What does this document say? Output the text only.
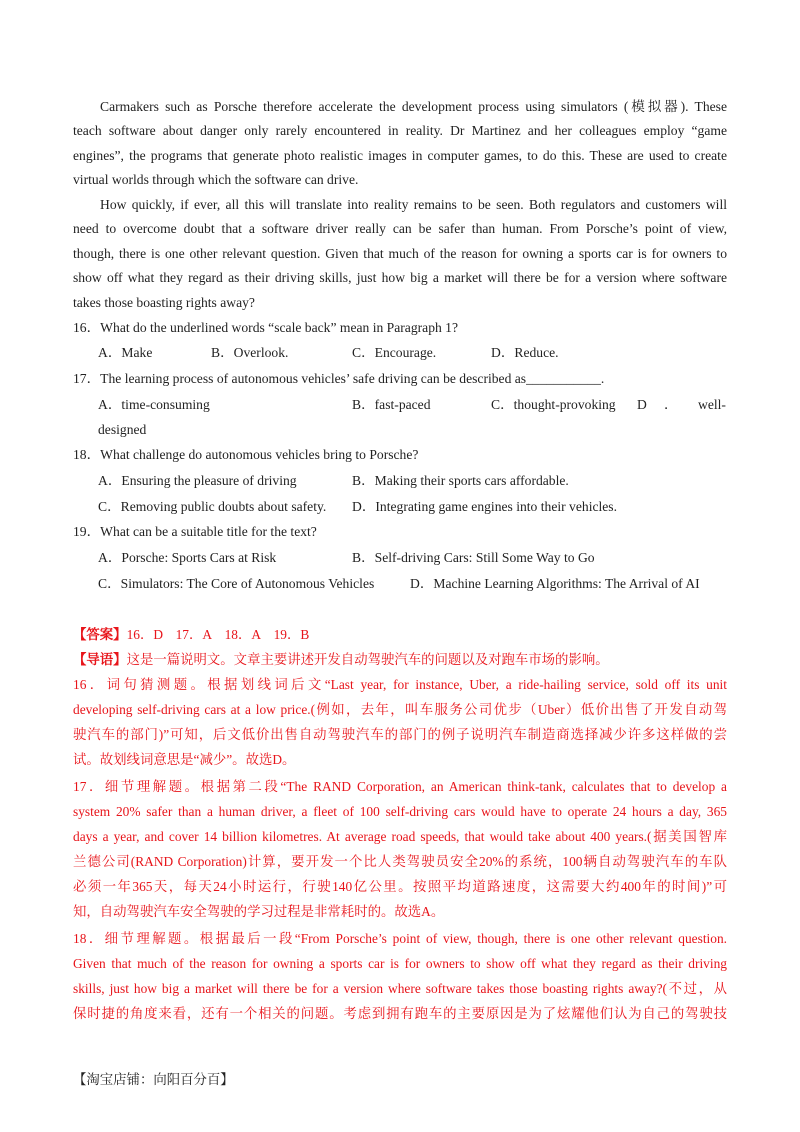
Carmakers such as Porsche therefore accelerate the development process using simulators (模拟器). These
teach software about danger only rarely encountered in reality. Dr Martinez and her colleagues employ “game
engines”, the programs that generate photo realistic images in computer games, to do this. These are used to create
virtual worlds through which the software can drive.
How quickly, if ever, all this will translate into reality remains to be seen. Both regulators and customers will
need to overcome doubt that a software driver really can be safer than human. From Porsche’s point of view,
though, there is one other relevant question. Given that much of the reason for owning a sports car is for owners to
show off what they regard as their driving skills, just how big a market will there be for a version where software
takes those boasting rights away?
16．What do the underlined words “scale back” mean in Paragraph 1?
A．Make	B．Overlook.	C．Encourage.	D．Reduce.
17．The learning process of autonomous vehicles’ safe driving can be described as___________.
A．time-consuming	B．fast-paced	C．thought-provoking D ． well-
designed
18．What challenge do autonomous vehicles bring to Porsche?
A．Ensuring the pleasure of driving	B．Making their sports cars affordable.
C．Removing public doubts about safety. D．Integrating game engines into their vehicles.
19．What can be a suitable title for the text?
A．Porsche: Sports Cars at Risk	B．Self-driving Cars: Still Some Way to Go
C．Simulators: The Core of Autonomous Vehicles	D．Machine Learning Algorithms: The Arrival of AI
【答案】16．D 17．A 18．A 19．B
【导语】这是一篇说明文。文章主要讲述开发自动驾驶汽车的问题以及对跑车市场的影响。
16．词句猜测题。根据划线词后文“Last year, for instance, Uber, a ride-hailing service, sold off its unit
developing self-driving cars at a low price.(例如，去年，叫车服务公司优步（Uber）低价出售了开发自动驾
驶汽车的部门)”可知，后文低价出售自动驾驶汽车的部门的例子说明汽车制造商选择减少许多这样做的尝
试。故划线词意思是“减少”。故选D。
17．细节理解题。根据第二段“The RAND Corporation, an American think-tank, calculates that to develop a
system 20% safer than a human driver, a fleet of 100 self-driving cars would have to operate 24 hours a day, 365
days a year, and cover 14 billion kilometres. At average road speeds, that would take about 400 years.(据美国智库
兰德公司(RAND Corporation)计算，要开发一个比人类驾驶员安全20%的系统，100辆自动驾驶汽车的车队
必须一年365天，每天24小时运行，行驶140亿公里。按照平均道路速度，这需要大约400年的时间)”可
知，自动驾驶汽车安全驾驶的学习过程是非常耗时的。故选A。
18．细节理解题。根据最后一段“From Porsche’s point of view, though, there is one other relevant question.
Given that much of the reason for owning a sports car is for owners to show off what they regard as their driving
skills, just how big a market will there be for a version where software takes those boasting rights away?(不过，从
保时捷的角度来看，还有一个相关的问题。考虑到拥有跑车的主要原因是为了炫耀他们认为自己的驾驶技
【淘宝店铺：向阳百分百】
